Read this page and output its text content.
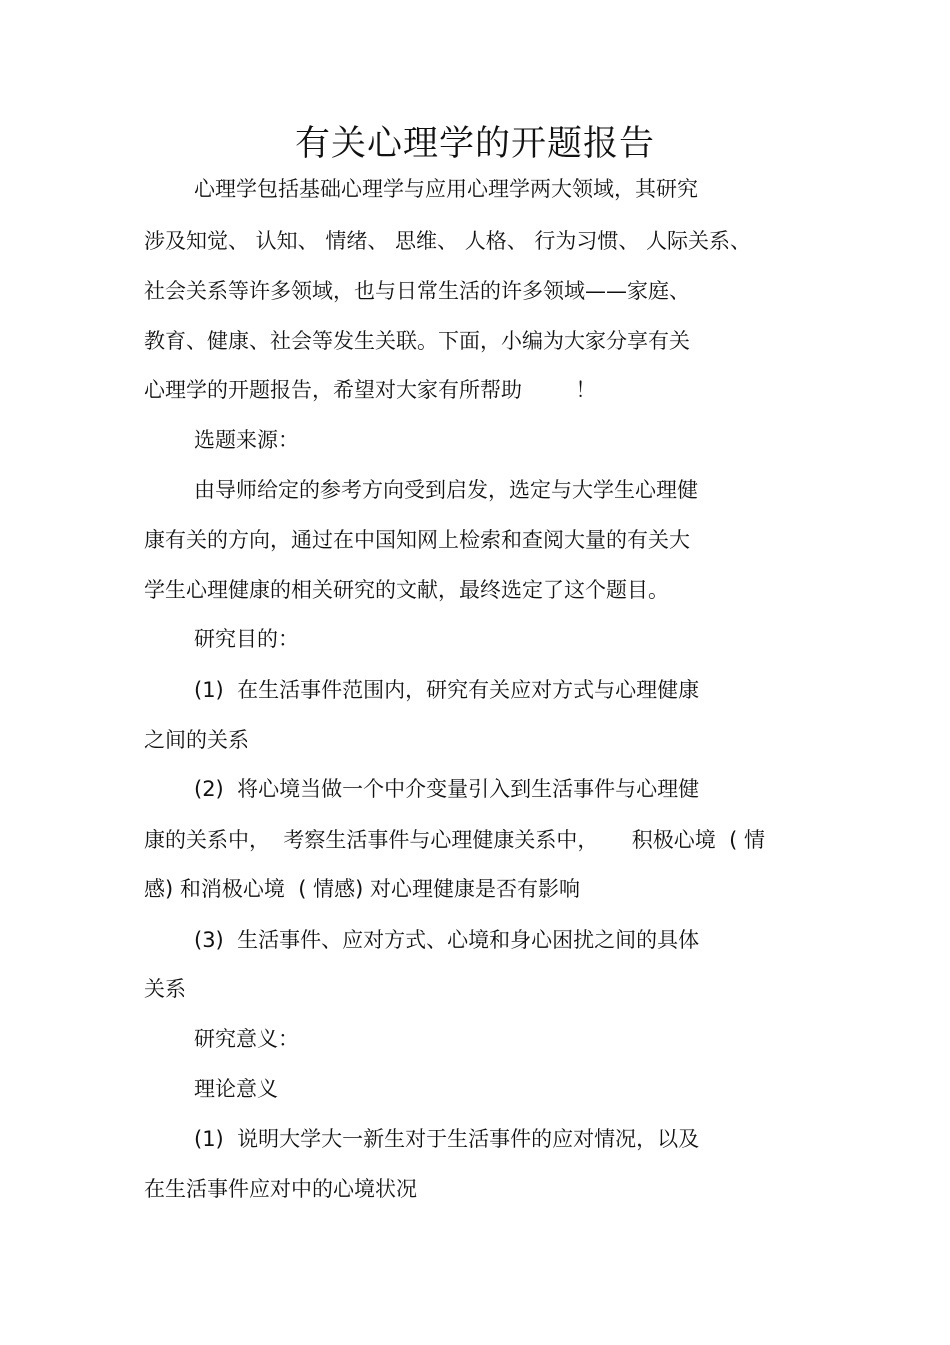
有关心理学的开题报告
心理学包括基础心理学与应用心理学两大领域，其研究
涉及知觉、 认知、 情绪、 思维、 人格、 行为习惯、 人际关系、
社会关系等许多领域，也与日常生活的许多领域——家庭、
教育、健康、社会等发生关联。下面，小编为大家分享有关
心理学的开题报告，希望对大家有所帮助        ！
选题来源：
由导师给定的参考方向受到启发，选定与大学生心理健
康有关的方向，通过在中国知网上检索和查阅大量的有关大
学生心理健康的相关研究的文献，最终选定了这个题目。
研究目的：
(1)  在生活事件范围内，研究有关应对方式与心理健康
之间的关系
(2)  将心境当做一个中介变量引入到生活事件与心理健
康的关系中，  考察生活事件与心理健康关系中，     积极心境  ( 情
感) 和消极心境  ( 情感) 对心理健康是否有影响
(3)  生活事件、应对方式、心境和身心困扰之间的具体
关系
研究意义：
理论意义
(1)  说明大学大一新生对于生活事件的应对情况，以及
在生活事件应对中的心境状况
